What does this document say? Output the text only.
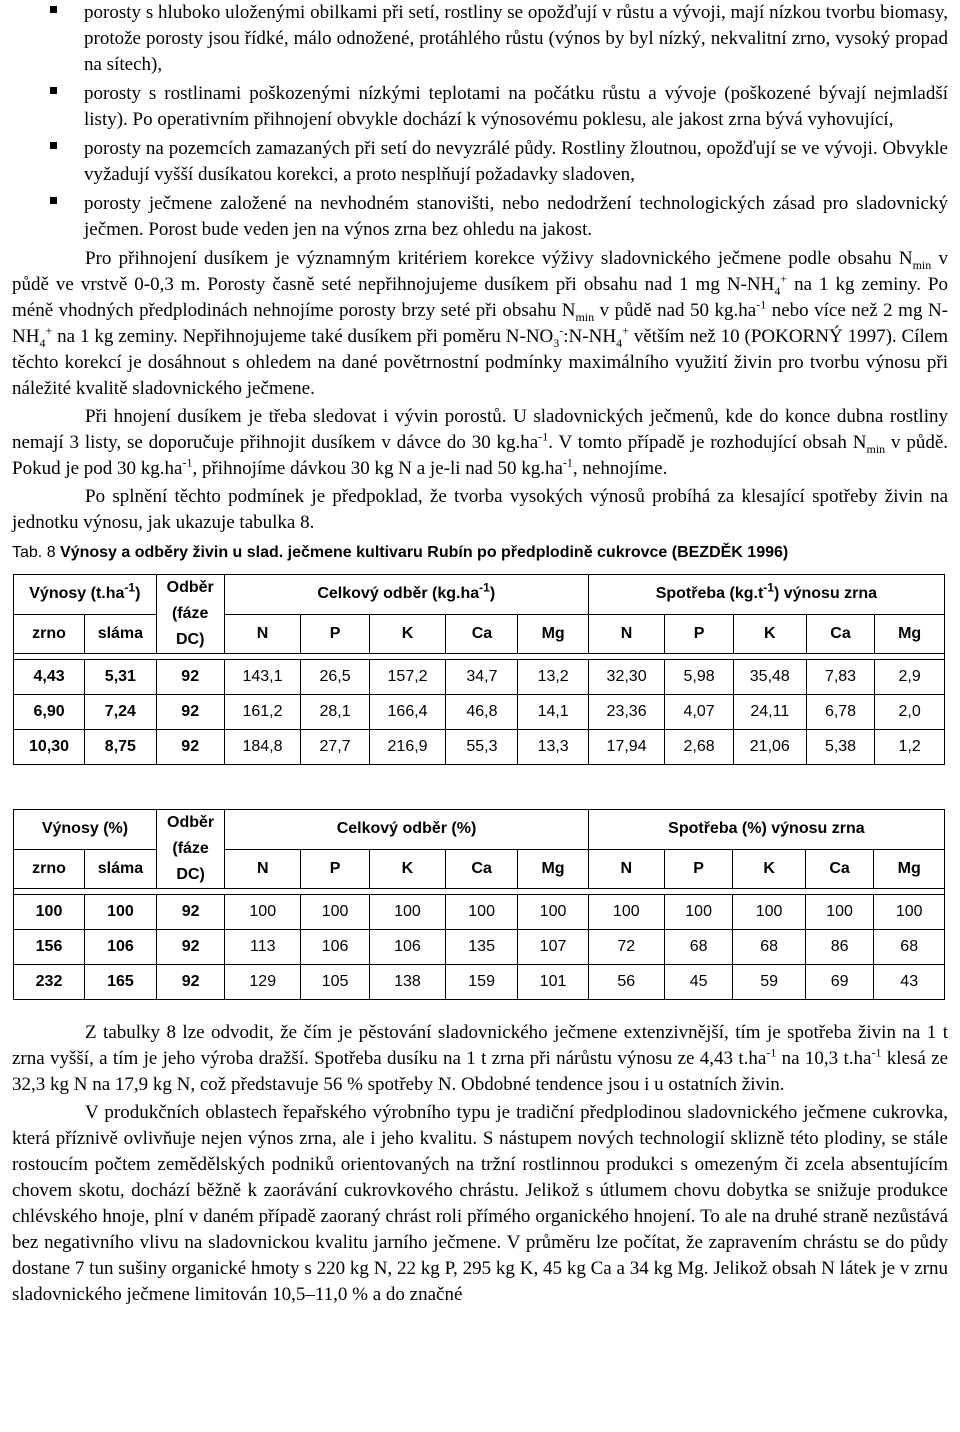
porosty s hlubokо uloženými obilkami při setí, rostliny se opožďují v růstu a vývoji, mají nízkou tvorbu biomasy, protože porosty jsou řídké, málo odnožené, protáhlého růstu (výnos by byl nízký, nekvalitní zrno, vysoký propad na sítech),
porosty s rostlinami poškozenými nízkými teplotami na počátku růstu a vývoje (poškozené bývají nejmladší listy). Po operativním přihnojení obvykle dochází k výnosovému poklesu, ale jakost zrna bývá vyhovující,
porosty na pozemcích zamazaných při setí do nevyzrálé půdy. Rostliny žloutnou, opožďují se ve vývoji. Obvykle vyžadují vyšší dusíkatou korekci, a proto nesplňují požadavky sladoven,
porosty ječmene založené na nevhodném stanovišti, nebo nedodržení technologických zásad pro sladovnický ječmen. Porost bude veden jen na výnos zrna bez ohledu na jakost.

Pro přihnojení dusíkem je významným kritériem korekce výživy sladovnického ječmene podle obsahu $N_{min}$ v půdě ve vrstvě 0-0,3 m. Porosty časně seté nepřihnojujeme dusíkem při obsahu nad 1 mg $N-NH_4^+$ na 1 kg zeminy. Po méně vhodných předplodinách nehnojíme porosty brzy seté při obsahu $N_{min}$ v půdě nad 50 $kg.ha^{-1}$ nebo více než 2 mg $N-NH_4^+$ na 1 kg zeminy. Nepřihnojujeme také dusíkem při poměru $N-NO_3^-:N-NH_4^+$ větším než 10 (POKORNÝ 1997). Cílem těchto korekcí je dosáhnout s ohledem na dané povětrnostní podmínky maximálního využití živin pro tvorbu výnosu při náležité kvalitě sladovnického ječmene.

Při hnojení dusíkem je třeba sledovat i vývin porostů. U sladovnických ječmenů, kde do konce dubna rostliny nemají 3 listy, se doporučuje přihnojit dusíkem v dávce do 30 $kg.ha^{-1}$. V tomto případě je rozhodující obsah $N_{min}$ v půdě. Pokud je pod 30 $kg.ha^{-1}$, přihnojíme dávkou 30 kg N a je-li nad 50 $kg.ha^{-1}$, nehnojíme.

Po splnění těchto podmínek je předpoklad, že tvorba vysokých výnosů probíhá za klesající spotřeby živin na jednotku výnosu, jak ukazuje tabulka 8.

Tab. 8 Výnosy a odběry živin u slad. ječmene kultivaru Rubín po předplodině cukrovce (BEZDĚK 1996)
Výnosy $(t.ha^{-1})$		Odběr (fáze DC)	Celkový odběr $(kg.ha^{-1})$					Spotřeba $(kg.t^{-1})$ výnosu zrna				
zrno	sláma		N	P	K	Ca	Mg	N	P	K	Ca	Mg

4,43	5,31	92	143,1	26,5	157,2	34,7	13,2	32,30	5,98	35,48	7,83	2,9
6,90	7,24	92	161,2	28,1	166,4	46,8	14,1	23,36	4,07	24,11	6,78	2,0
10,30	8,75	92	184,8	27,7	216,9	55,3	13,3	17,94	2,68	21,06	5,38	1,2
Výnosy (%)		Odběr (fáze DC)	Celkový odběr (%)					Spotřeba (%) výnosu zrna				
zrno	sláma		N	P	K	Ca	Mg	N	P	K	Ca	Mg

100	100	92	100	100	100	100	100	100	100	100	100	100
156	106	92	113	106	106	135	107	72	68	68	86	68
232	165	92	129	105	138	159	101	56	45	59	69	43

Z tabulky 8 lze odvodit, že čím je pěstování sladovnického ječmene extenzivnější, tím je spotřeba živin na 1 t zrna vyšší, a tím je jeho výroba dražší. Spotřeba dusíku na 1 t zrna při nárůstu výnosu ze 4,43 $t.ha^{-1}$ na 10,3 $t.ha^{-1}$ klesá ze 32,3 kg N na 17,9 kg N, což představuje 56 % spotřeby N. Obdobné tendence jsou i u ostatních živin.

V produkčních oblastech řepařského výrobního typu je tradiční předplodinou sladovnického ječmene cukrovka, která příznivě ovlivňuje nejen výnos zrna, ale i jeho kvalitu. S nástupem nových technologií sklizně této plodiny, se stále rostoucím počtem zemědělských podniků orientovaných na tržní rostlinnou produkci s omezeným či zcela absentujícím chovem skotu, dochází běžně k zaorávání cukrovkového chrástu. Jelikož s útlumem chovu dobytka se snižuje produkce chlévského hnoje, plní v daném případě zaorаný chrást roli přímého organického hnojení. To ale na druhé straně nezůstává bez negativního vlivu na sladovnickou kvalitu jarního ječmene. V průměru lze počítat, že zapravením chrástu se do půdy dostane 7 tun sušiny organické hmoty s 220 kg N, 22 kg P, 295 kg K, 45 kg Ca a 34 kg Mg. Jelikož obsah N látek je v zrnu sladovnického ječmene limitován 10,5–11,0 % a do značné
